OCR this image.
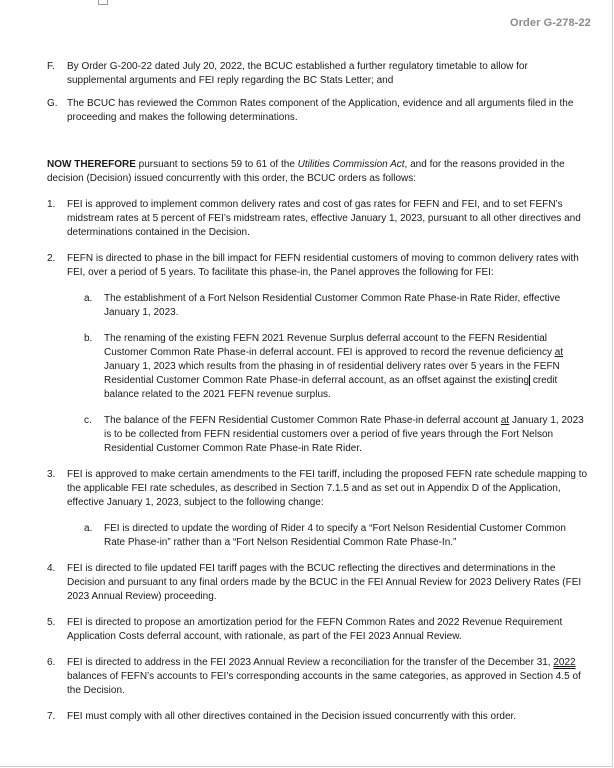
Order G-278-22
F. By Order G-200-22 dated July 20, 2022, the BCUC established a further regulatory timetable to allow for supplemental arguments and FEI reply regarding the BC Stats Letter; and
G. The BCUC has reviewed the Common Rates component of the Application, evidence and all arguments filed in the proceeding and makes the following determinations.

NOW THEREFORE pursuant to sections 59 to 61 of the Utilities Commission Act, and for the reasons provided in the decision (Decision) issued concurrently with this order, the BCUC orders as follows:

1. FEI is approved to implement common delivery rates and cost of gas rates for FEFN and FEI, and to set FEFN’s midstream rates at 5 percent of FEI’s midstream rates, effective January 1, 2023, pursuant to all other directives and determinations contained in the Decision.
2. FEFN is directed to phase in the bill impact for FEFN residential customers of moving to common delivery rates with FEI, over a period of 5 years. To facilitate this phase-in, the Panel approves the following for FEI:
a. The establishment of a Fort Nelson Residential Customer Common Rate Phase-in Rate Rider, effective January 1, 2023.
b. The renaming of the existing FEFN 2021 Revenue Surplus deferral account to the FEFN Residential Customer Common Rate Phase-in deferral account. FEI is approved to record the revenue deficiency at January 1, 2023 which results from the phasing in of residential delivery rates over 5 years in the FEFN Residential Customer Common Rate Phase-in deferral account, as an offset against the existing credit balance related to the 2021 FEFN revenue surplus.
c. The balance of the FEFN Residential Customer Common Rate Phase-in deferral account at January 1, 2023 is to be collected from FEFN residential customers over a period of five years through the Fort Nelson Residential Customer Common Rate Phase-in Rate Rider.
3. FEI is approved to make certain amendments to the FEI tariff, including the proposed FEFN rate schedule mapping to the applicable FEI rate schedules, as described in Section 7.1.5 and as set out in Appendix D of the Application, effective January 1, 2023, subject to the following change:
a. FEI is directed to update the wording of Rider 4 to specify a “Fort Nelson Residential Customer Common Rate Phase-in” rather than a “Fort Nelson Residential Common Rate Phase-In.”
4. FEI is directed to file updated FEI tariff pages with the BCUC reflecting the directives and determinations in the Decision and pursuant to any final orders made by the BCUC in the FEI Annual Review for 2023 Delivery Rates (FEI 2023 Annual Review) proceeding.
5. FEI is directed to propose an amortization period for the FEFN Common Rates and 2022 Revenue Requirement Application Costs deferral account, with rationale, as part of the FEI 2023 Annual Review.
6. FEI is directed to address in the FEI 2023 Annual Review a reconciliation for the transfer of the December 31, 2022 balances of FEFN’s accounts to FEI’s corresponding accounts in the same categories, as approved in Section 4.5 of the Decision.
7. FEI must comply with all other directives contained in the Decision issued concurrently with this order.
